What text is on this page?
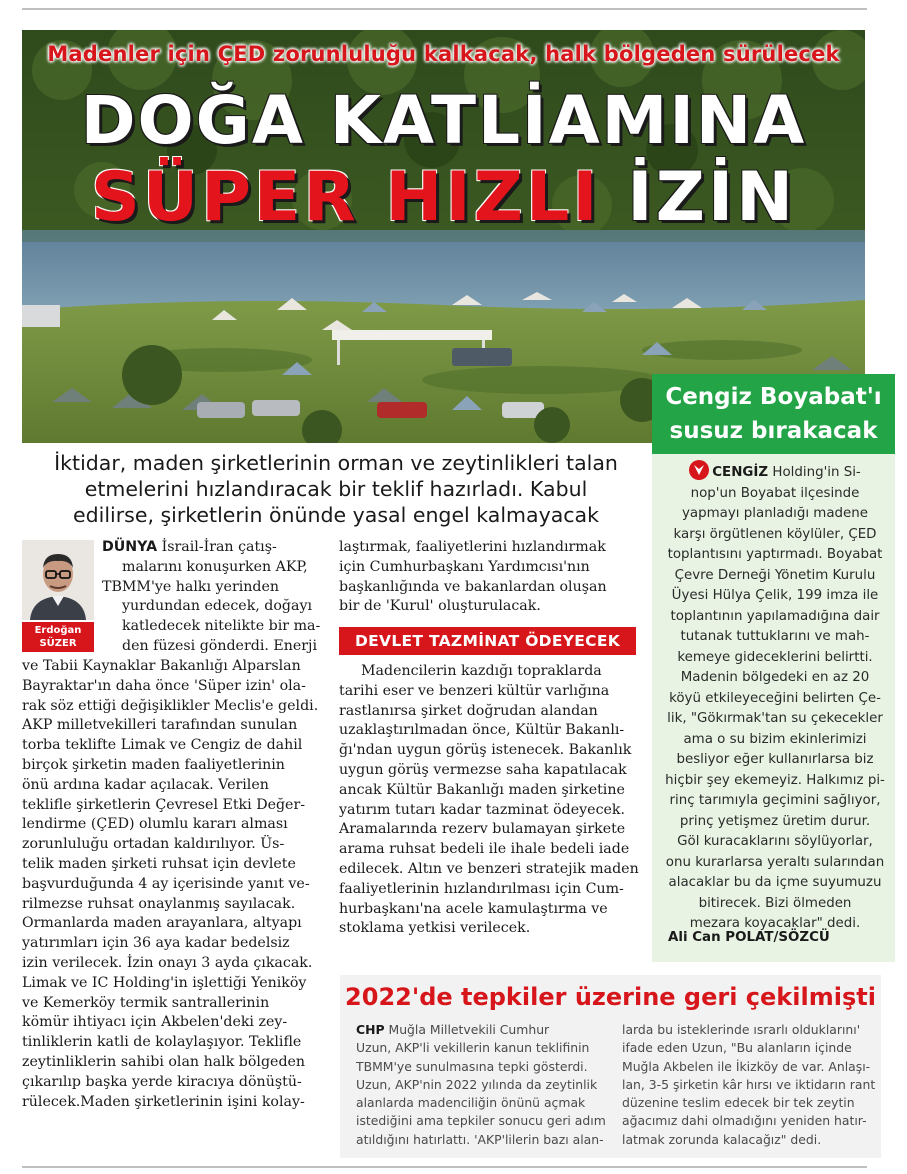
Madenler için ÇED zorunluluğu kalkacak, halk bölgeden sürülecek
DOĞA KATLİAMINA
SÜPER HIZLI İZİN
Cengiz Boyabat'ı
susuz bırakacak
CENGİZ Holding'in Si-
nop'un Boyabat ilçesinde
yapmayı planladığı madene
karşı örgütlenen köylüler, ÇED
toplantısını yaptırmadı. Boyabat
Çevre Derneği Yönetim Kurulu
Üyesi Hülya Çelik, 199 imza ile
toplantının yapılamadığına dair
tutanak tuttuklarını ve mah-
kemeye gideceklerini belirtti.
Madenin bölgedeki en az 20
köyü etkileyeceğini belirten Çe-
lik, "Gökırmak'tan su çekecekler
ama o su bizim ekinlerimizi
besliyor eğer kullanırlarsa biz
hiçbir şey ekemeyiz. Halkımız pi-
rinç tarımıyla geçimini sağlıyor,
prinç yetişmez üretim durur.
Göl kuracaklarını söylüyorlar,
onu kurarlarsa yeraltı sularından
alacaklar bu da içme suyumuzu
bitirecek. Bizi ölmeden
mezara koyacaklar" dedi.
Ali Can POLAT/SÖZCÜ
İktidar, maden şirketlerinin orman ve zeytinlikleri talan
etmelerini hızlandıracak bir teklif hazırladı. Kabul
edilirse, şirketlerin önünde yasal engel kalmayacak
Erdoğan
SÜZER
DÜNYA İsrail-İran çatış-
malarını konuşurken AKP,
TBMM'ye halkı yerinden
yurdundan edecek, doğayı
katledecek nitelikte bir ma-
den füzesi gönderdi. Enerji
ve Tabii Kaynaklar Bakanlığı Alparslan
Bayraktar'ın daha önce 'Süper izin' ola-
rak söz ettiği değişiklikler Meclis'e geldi.
AKP milletvekilleri tarafından sunulan
torba teklifte Limak ve Cengiz de dahil
birçok şirketin maden faaliyetlerinin
önü ardına kadar açılacak. Verilen
teklifle şirketlerin Çevresel Etki Değer-
lendirme (ÇED) olumlu kararı alması
zorunluluğu ortadan kaldırılıyor. Üs-
telik maden şirketi ruhsat için devlete
başvurduğunda 4 ay içerisinde yanıt ve-
rilmezse ruhsat onaylanmış sayılacak.
Ormanlarda maden arayanlara, altyapı
yatırımları için 36 aya kadar bedelsiz
izin verilecek. İzin onayı 3 ayda çıkacak.
Limak ve IC Holding'in işlettiği Yeniköy
ve Kemerköy termik santrallerinin
kömür ihtiyacı için Akbelen'deki zey-
tinliklerin katli de kolaylaşıyor. Teklifle
zeytinliklerin sahibi olan halk bölgeden
çıkarılıp başka yerde kiracıya dönüştü-
rülecek.Maden şirketlerinin işini kolay-
laştırmak, faaliyetlerini hızlandırmak
için Cumhurbaşkanı Yardımcısı'nın
başkanlığında ve bakanlardan oluşan
bir de 'Kurul' oluşturulacak.
DEVLET TAZMİNAT ÖDEYECEK
Madencilerin kazdığı topraklarda
tarihi eser ve benzeri kültür varlığına
rastlanırsa şirket doğrudan alandan
uzaklaştırılmadan önce, Kültür Bakanlı-
ğı'ndan uygun görüş istenecek. Bakanlık
uygun görüş vermezse saha kapatılacak
ancak Kültür Bakanlığı maden şirketine
yatırım tutarı kadar tazminat ödeyecek.
Aramalarında rezerv bulamayan şirkete
arama ruhsat bedeli ile ihale bedeli iade
edilecek. Altın ve benzeri stratejik maden
faaliyetlerinin hızlandırılması için Cum-
hurbaşkanı'na acele kamulaştırma ve
stoklama yetkisi verilecek.
2022'de tepkiler üzerine geri çekilmişti
CHP Muğla Milletvekili Cumhur
Uzun, AKP'li vekillerin kanun teklifinin
TBMM'ye sunulmasına tepki gösterdi.
Uzun, AKP'nin 2022 yılında da zeytinlik
alanlarda madenciliğin önünü açmak
istediğini ama tepkiler sonucu geri adım
atıldığını hatırlattı. 'AKP'lilerin bazı alan-
larda bu isteklerinde ısrarlı olduklarını'
ifade eden Uzun, "Bu alanların içinde
Muğla Akbelen ile İkizköy de var. Anlaşı-
lan, 3-5 şirketin kâr hırsı ve iktidarın rant
düzenine teslim edecek bir tek zeytin
ağacımız dahi olmadığını yeniden hatır-
latmak zorunda kalacağız" dedi.
